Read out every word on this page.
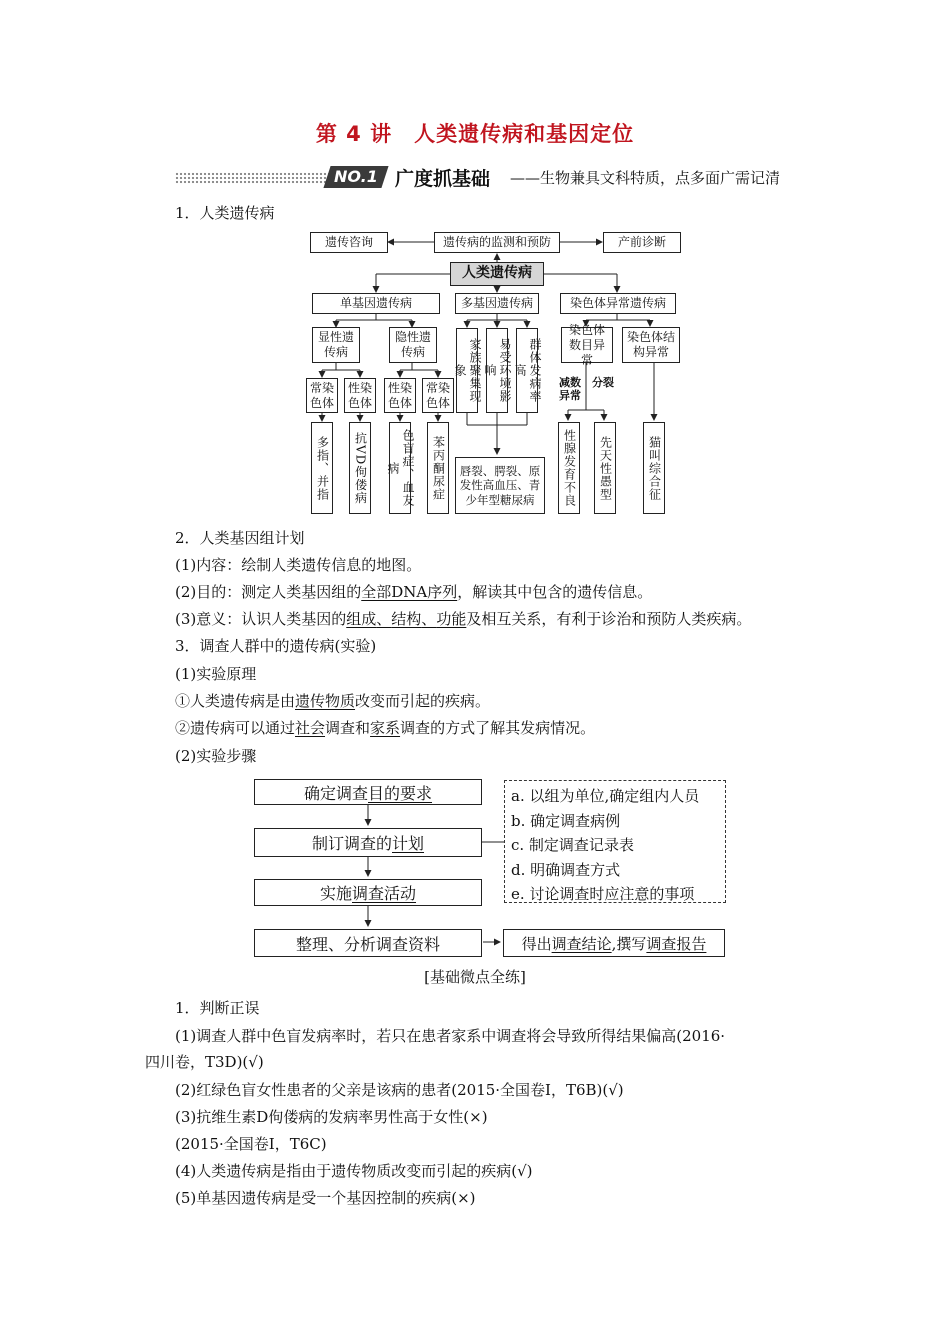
第 4 讲　人类遗传病和基因定位
NO.1 广度抓基础 ——生物兼具文科特质，点多面广需记清
1．人类遗传病
遗传咨询	遗传病的监测和预防	产前诊断
人类遗传病
单基因遗传病	多基因遗传病	染色体异常遗传病
显性遗传病
隐性遗传病
常染色体
性染色体
性染色体
常染色体
多指、并指	抗VD佝偻病	色盲症、血友病	苯丙酮尿症
家族聚集现象	易受环境影响	群体发病率高
唇裂、腭裂、原发性高血压、青少年型糖尿病
染色体数目异常
染色体结构异常
减数异常
分裂
性腺发育不良	先天性愚型	猫叫综合征
2．人类基因组计划
(1)内容：绘制人类遗传信息的地图。
(2)目的：测定人类基因组的全部DNA序列，解读其中包含的遗传信息。
(3)意义：认识人类基因的组成、结构、功能及相互关系，有利于诊治和预防人类疾病。
3．调查人群中的遗传病(实验)
(1)实验原理
①人类遗传病是由遗传物质改变而引起的疾病。
②遗传病可以通过社会调查和家系调查的方式了解其发病情况。
(2)实验步骤
确定调查 目的要求
制订调查的 计划
实施 调查活动
整理、分析调查资料
a. 以组为单位,确定组内人员
b. 确定调查病例
c. 制定调查记录表
d. 明确调查方式
e. 讨论调查时应注意的事项
得出 调查结论 ,撰写 调查报告
[基础微点全练]
1．判断正误
(1)调查人群中色盲发病率时，若只在患者家系中调查将会导致所得结果偏高(2016·
四川卷，T3D)(√)
(2)红绿色盲女性患者的父亲是该病的患者(2015·全国卷Ⅰ，T6B)(√)
(3)抗维生素D佝偻病的发病率男性高于女性(×)
(2015·全国卷Ⅰ，T6C)
(4)人类遗传病是指由于遗传物质改变而引起的疾病(√)
(5)单基因遗传病是受一个基因控制的疾病(×)
